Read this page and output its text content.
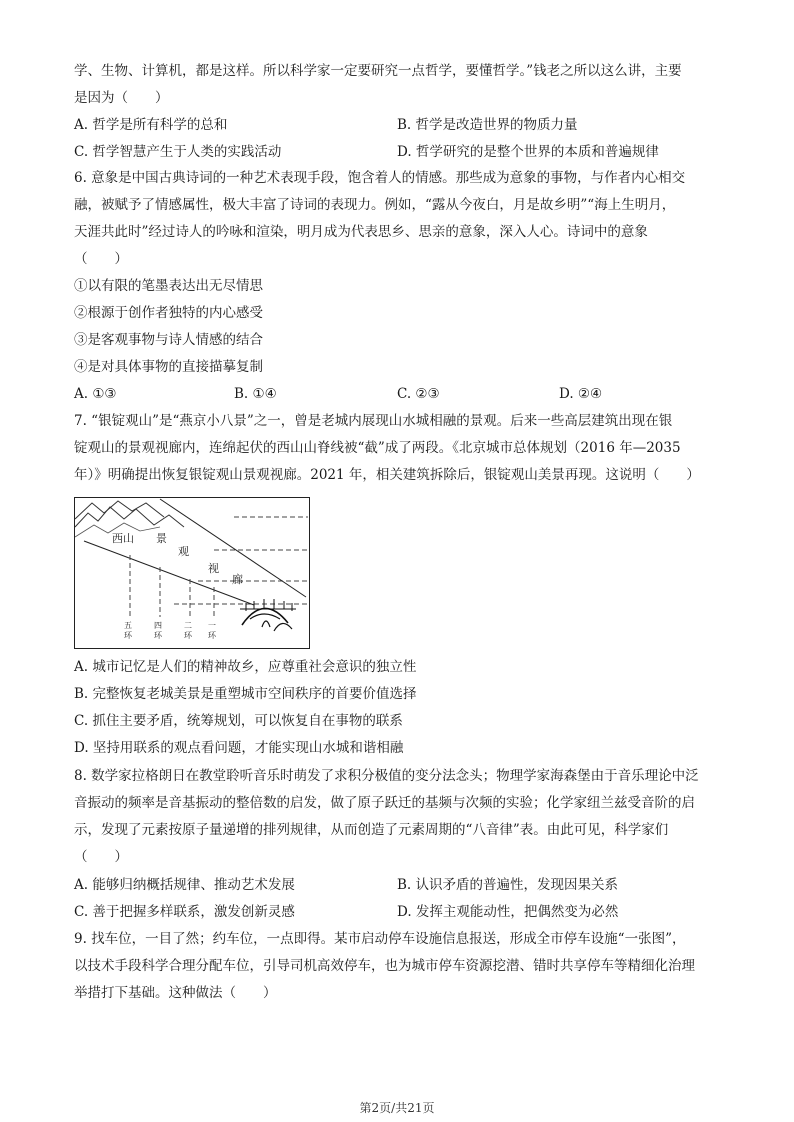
学、生物、计算机，都是这样。所以科学家一定要研究一点哲学，要懂哲学。”钱老之所以这么讲，主要
是因为（　　）
A. 哲学是所有科学的总和	B. 哲学是改造世界的物质力量
C. 哲学智慧产生于人类的实践活动	D. 哲学研究的是整个世界的本质和普遍规律
6. 意象是中国古典诗词的一种艺术表现手段，饱含着人的情感。那些成为意象的事物，与作者内心相交
融，被赋予了情感属性，极大丰富了诗词的表现力。例如，“露从今夜白，月是故乡明”“海上生明月，
天涯共此时”经过诗人的吟咏和渲染，明月成为代表思乡、思亲的意象，深入人心。诗词中的意象
（　　）
①以有限的笔墨表达出无尽情思
②根源于创作者独特的内心感受
③是客观事物与诗人情感的结合
④是对具体事物的直接描摹复制
A. ①③	B. ①④	C. ②③	D. ②④
7. “银锭观山”是“燕京小八景”之一，曾是老城内展现山水城相融的景观。后来一些高层建筑出现在银
锭观山的景观视廊内，连绵起伏的西山山脊线被“截”成了两段。《北京城市总体规划（2016 年—2035
年）》明确提出恢复银锭观山景观视廊。2021 年，相关建筑拆除后，银锭观山美景再现。这说明（　　）
西山 景
观
视
廊
五环
四环
二环
一环
A. 城市记忆是人们的精神故乡，应尊重社会意识的独立性
B. 完整恢复老城美景是重塑城市空间秩序的首要价值选择
C. 抓住主要矛盾，统筹规划，可以恢复自在事物的联系
D. 坚持用联系的观点看问题，才能实现山水城和谐相融
8. 数学家拉格朗日在教堂聆听音乐时萌发了求积分极值的变分法念头；物理学家海森堡由于音乐理论中泛
音振动的频率是音基振动的整倍数的启发，做了原子跃迁的基频与次频的实验；化学家纽兰兹受音阶的启
示，发现了元素按原子量递增的排列规律，从而创造了元素周期的“八音律”表。由此可见，科学家们
（　　）
A. 能够归纳概括规律、推动艺术发展	B. 认识矛盾的普遍性，发现因果关系
C. 善于把握多样联系，激发创新灵感	D. 发挥主观能动性，把偶然变为必然
9. 找车位，一目了然；约车位，一点即得。某市启动停车设施信息报送，形成全市停车设施“一张图”，
以技术手段科学合理分配车位，引导司机高效停车，也为城市停车资源挖潜、错时共享停车等精细化治理
举措打下基础。这种做法（　　）
第2页/共21页
